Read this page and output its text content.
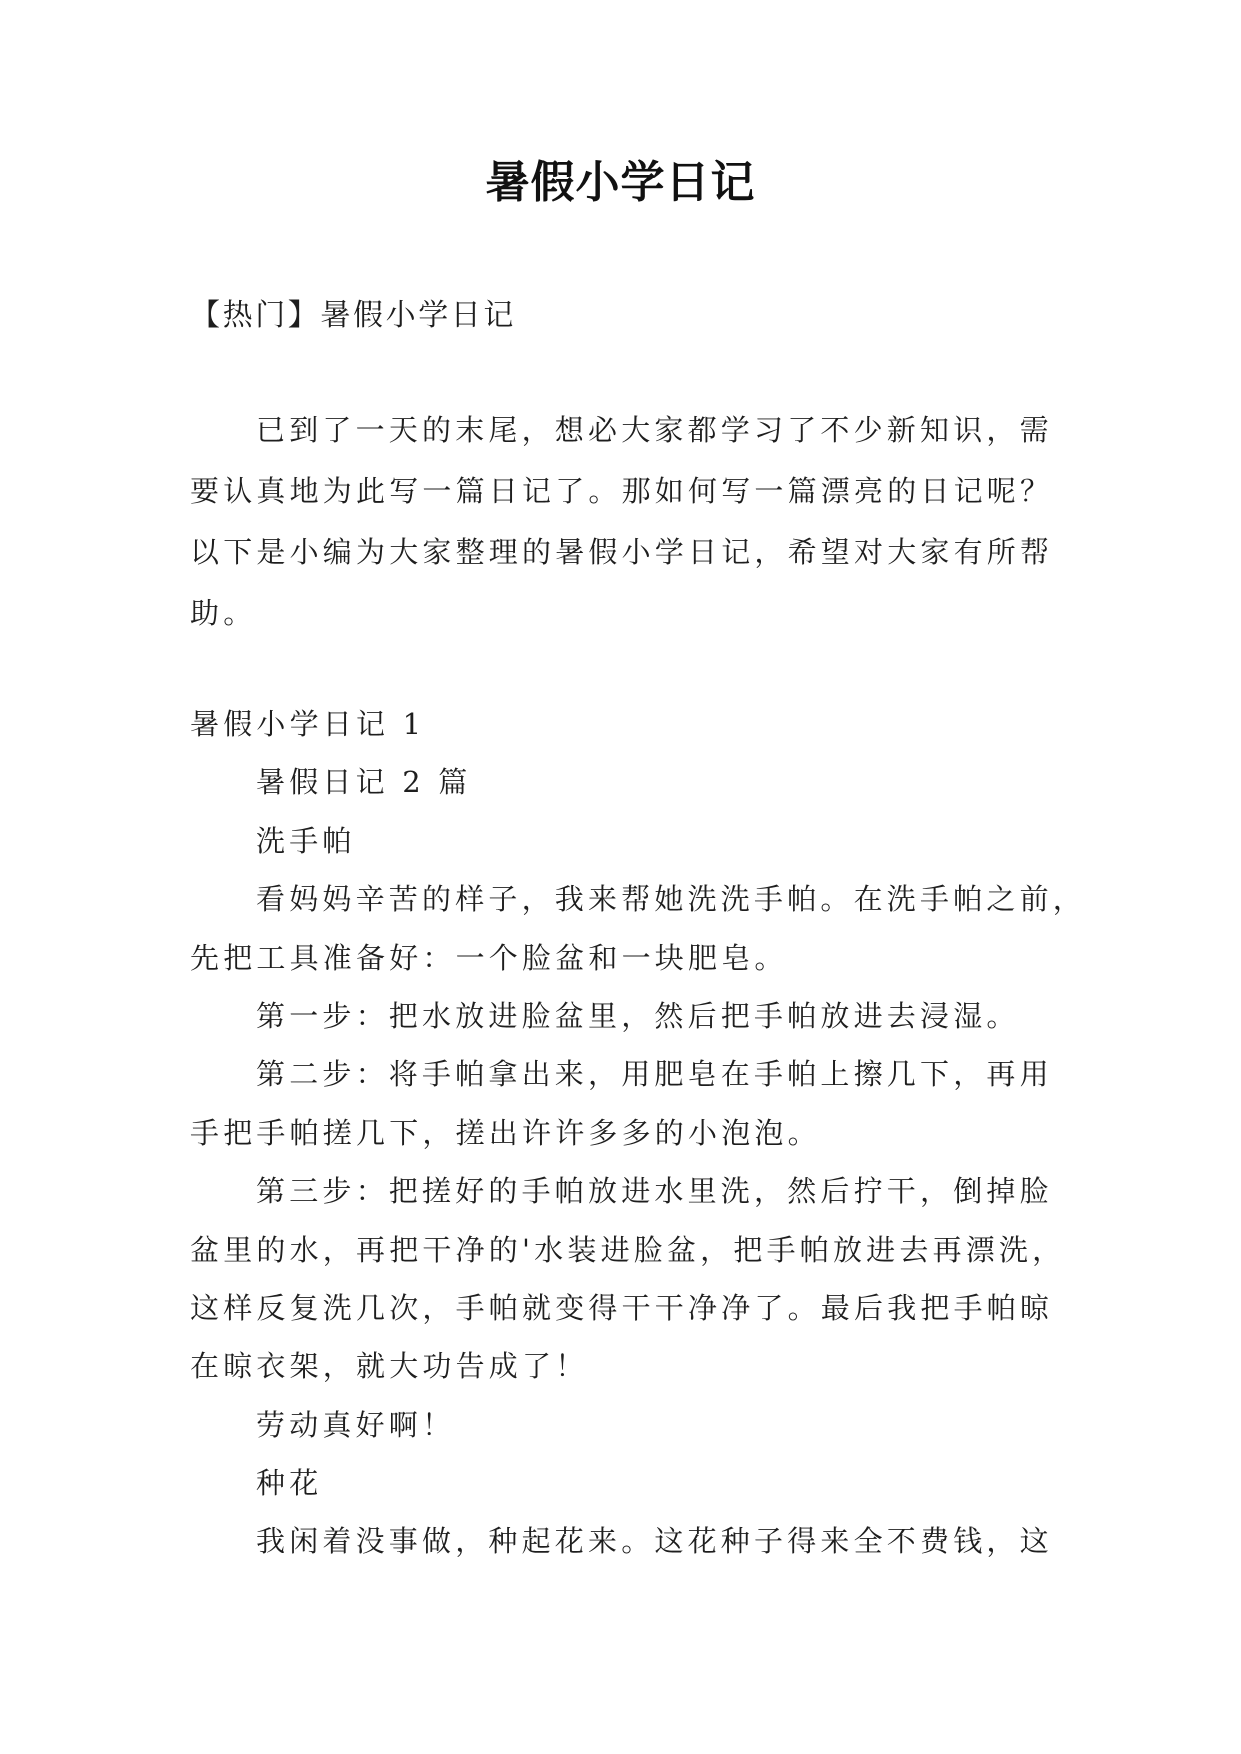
暑假小学日记
【热门】暑假小学日记
已到了一天的末尾，想必大家都学习了不少新知识，需
要认真地为此写一篇日记了。那如何写一篇漂亮的日记呢？
以下是小编为大家整理的暑假小学日记，希望对大家有所帮
助。
暑假小学日记 1
暑假日记 2 篇
洗手帕
看妈妈辛苦的样子，我来帮她洗洗手帕。在洗手帕之前，
先把工具准备好：一个脸盆和一块肥皂。
第一步：把水放进脸盆里，然后把手帕放进去浸湿。
第二步：将手帕拿出来，用肥皂在手帕上擦几下，再用
手把手帕搓几下，搓出许许多多的小泡泡。
第三步：把搓好的手帕放进水里洗，然后拧干，倒掉脸
盆里的水，再把干净的'水装进脸盆，把手帕放进去再漂洗，
这样反复洗几次，手帕就变得干干净净了。最后我把手帕晾
在晾衣架，就大功告成了！
劳动真好啊！
种花
我闲着没事做，种起花来。这花种子得来全不费钱，这
